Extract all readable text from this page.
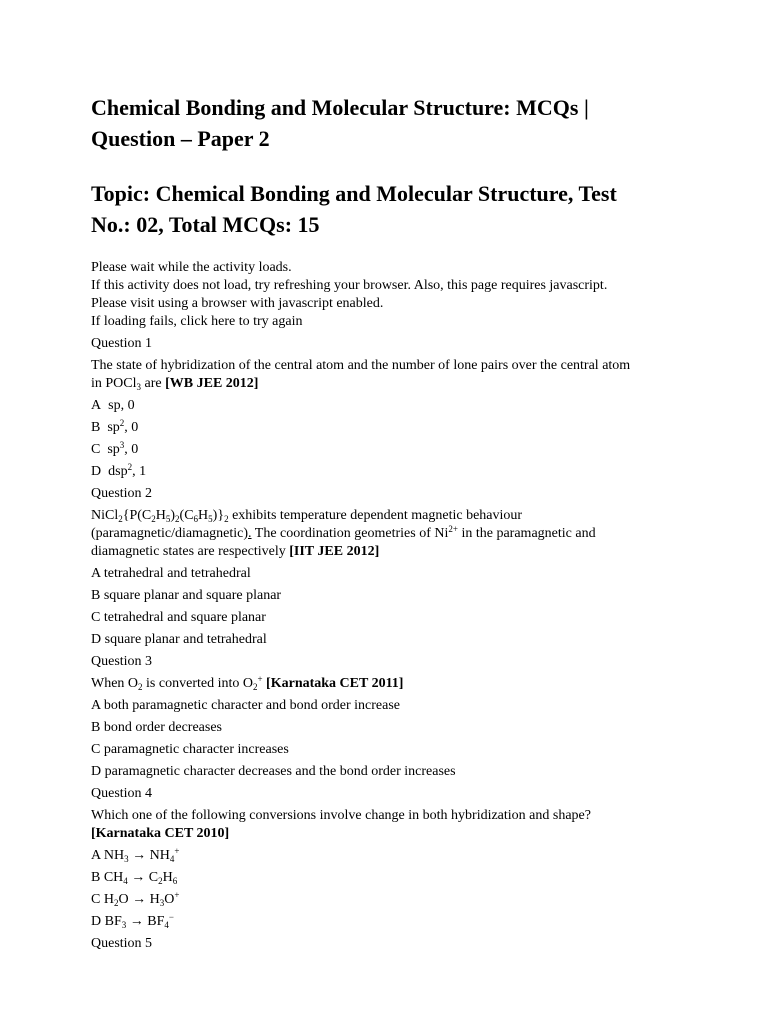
Chemical Bonding and Molecular Structure: MCQs |
Question – Paper 2
Topic: Chemical Bonding and Molecular Structure, Test
No.: 02, Total MCQs: 15
Please wait while the activity loads.
If this activity does not load, try refreshing your browser. Also, this page requires javascript.
Please visit using a browser with javascript enabled.
If loading fails, click here to try again
Question 1
The state of hybridization of the central atom and the number of lone pairs over the central atom
in POCl$_3$ are [WB JEE 2012]
A sp, 0
B $sp^2$, 0
C $sp^3$, 0
D dsp$^2$, 1
Question 2
$NiCl_2\{P(C_2H_5)_2(C_6H_5)\}_2$ exhibits temperature dependent magnetic behaviour
(paramagnetic/diamagnetic). The coordination geometries of $Ni^{2+}$ in the paramagnetic and
diamagnetic states are respectively [IIT JEE 2012]
A tetrahedral and tetrahedral
B square planar and square planar
C tetrahedral and square planar
D square planar and tetrahedral
Question 3
When $O_2$ is converted into $O_2^+$ [Karnataka CET 2011]
A both paramagnetic character and bond order increase
B bond order decreases
C paramagnetic character increases
D paramagnetic character decreases and the bond order increases
Question 4
Which one of the following conversions involve change in both hybridization and shape?
[Karnataka CET 2010]
A $NH_3 \to NH_4^+$
B $CH_4 \to C_2H_6$
C $H_2O \to H_3O^+$
D $BF_3 \to BF_4^-$
Question 5
